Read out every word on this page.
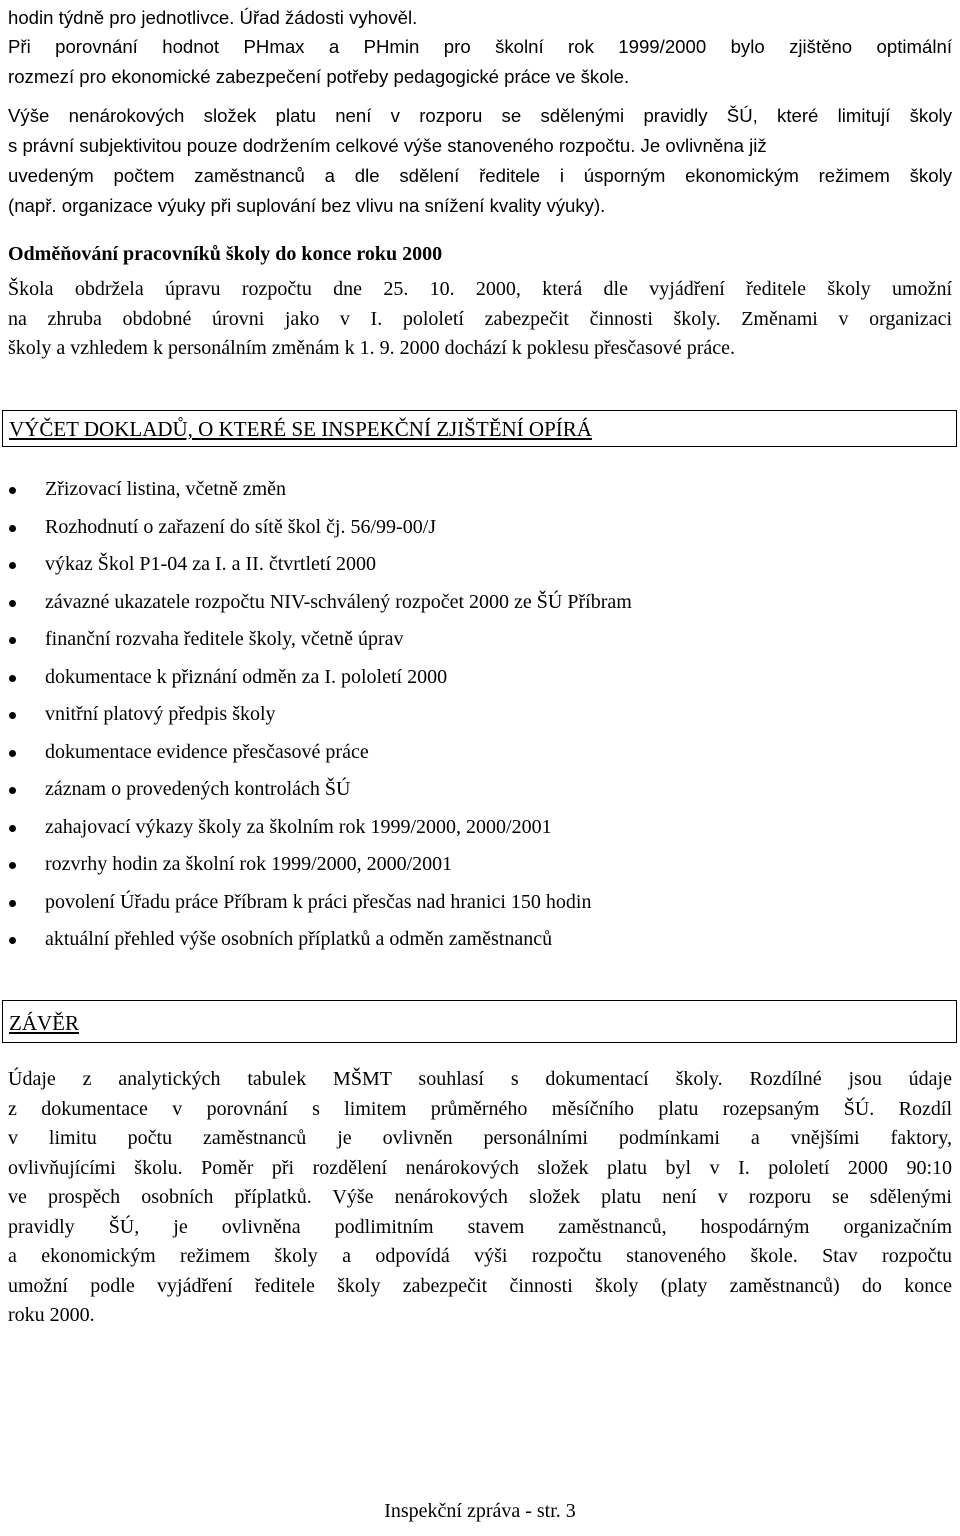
hodin týdně pro jednotlivce. Úřad žádosti vyhověl.

Při porovnání hodnot PHmax a PHmin pro školní rok 1999/2000 bylo zjištěno optimální
rozmezí pro ekonomické zabezpečení potřeby pedagogické práce ve škole.

Výše nenárokových složek platu není v rozporu se sdělenými pravidly ŠÚ, které limitují školy
s právní subjektivitou pouze dodržením celkové výše stanoveného rozpočtu. Je ovlivněna již
uvedeným počtem zaměstnanců a dle sdělení ředitele i úsporným ekonomickým režimem školy
(např. organizace výuky při suplování bez vlivu na snížení kvality výuky).

Odměňování pracovníků školy do konce roku 2000

Škola obdržela úpravu rozpočtu dne 25. 10. 2000, která dle vyjádření ředitele školy umožní
na zhruba obdobné úrovni jako v I. pololetí zabezpečit činnosti školy. Změnami v organizaci
školy a vzhledem k personálním změnám k 1. 9. 2000 dochází k poklesu přesčasové práce.

VÝČET DOKLADŮ, O KTERÉ SE INSPEKČNÍ ZJIŠTĚNÍ OPÍRÁ
Zřizovací listina, včetně změn
Rozhodnutí o zařazení do sítě škol čj. 56/99-00/J
výkaz Škol P1-04 za I. a II. čtvrtletí 2000
závazné ukazatele rozpočtu NIV-schválený rozpočet 2000 ze ŠÚ Příbram
finanční rozvaha ředitele školy, včetně úprav
dokumentace k přiznání odměn za I. pololetí 2000
vnitřní platový předpis školy
dokumentace evidence přesčasové práce
záznam o provedených kontrolách ŠÚ
zahajovací výkazy školy za školním rok 1999/2000, 2000/2001
rozvrhy hodin za školní rok 1999/2000, 2000/2001
povolení Úřadu práce Příbram k práci přesčas nad hranici 150 hodin
aktuální přehled výše osobních příplatků a odměn zaměstnanců
ZÁVĚR

Údaje z analytických tabulek MŠMT souhlasí s dokumentací školy. Rozdílné jsou údaje
z dokumentace v porovnání s limitem průměrného měsíčního platu rozepsaným ŠÚ. Rozdíl
v limitu počtu zaměstnanců je ovlivněn personálními podmínkami a vnějšími faktory,
ovlivňujícími školu. Poměr při rozdělení nenárokových složek platu byl v I. pololetí 2000 90:10
ve prospěch osobních příplatků. Výše nenárokových složek platu není v rozporu se sdělenými
pravidly ŠÚ, je ovlivněna podlimitním stavem zaměstnanců, hospodárným organizačním
a ekonomickým režimem školy a odpovídá výši rozpočtu stanoveného škole. Stav rozpočtu
umožní podle vyjádření ředitele školy zabezpečit činnosti školy (platy zaměstnanců) do konce
roku 2000.

Inspekční zpráva - str. 3
